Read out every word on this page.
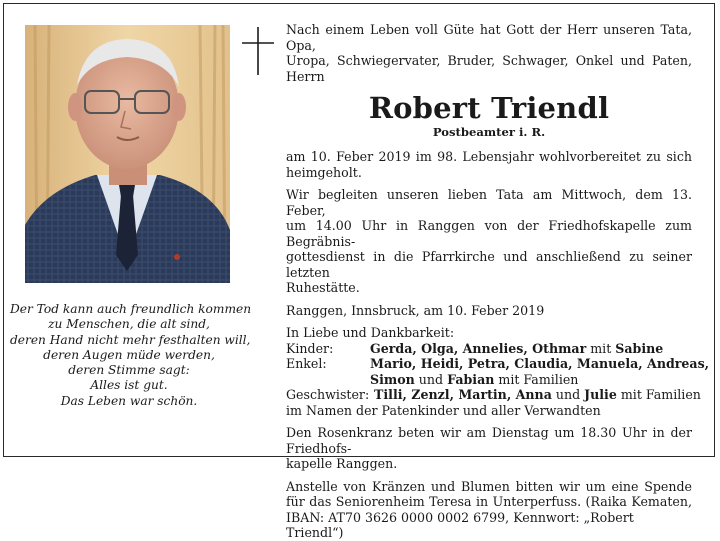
Der Tod kann auch freundlich kommen
zu Menschen, die alt sind,
deren Hand nicht mehr festhalten will,
deren Augen müde werden,
deren Stimme sagt:
Alles ist gut.
Das Leben war schön.
Nach einem Leben voll Güte hat Gott der Herr unseren Tata, Opa,
Uropa, Schwiegervater, Bruder, Schwager, Onkel und Paten, Herrn
Robert Triendl
Postbeamter i. R.
am 10. Feber 2019 im 98. Lebensjahr wohlvorbereitet zu sich
heimgeholt.
Wir begleiten unseren lieben Tata am Mittwoch, dem 13. Feber,
um 14.00 Uhr in Ranggen von der Friedhofskapelle zum Begräbnis-
gottesdienst in die Pfarrkirche und anschließend zu seiner letzten
Ruhestätte.
Ranggen, Innsbruck, am 10. Feber 2019
In Liebe und Dankbarkeit:
Kinder:	Gerda, Olga, Annelies, Othmar mit Sabine
Enkel:	Mario, Heidi, Petra, Claudia, Manuela, Andreas,
Simon und Fabian mit Familien
Geschwister: Tilli, Zenzl, Martin, Anna und Julie mit Familien
im Namen der Patenkinder und aller Verwandten
Den Rosenkranz beten wir am Dienstag um 18.30 Uhr in der Friedhofs-
kapelle Ranggen.
Anstelle von Kränzen und Blumen bitten wir um eine Spende
für das Seniorenheim Teresa in Unterperfuss. (Raika Kematen,
IBAN: AT70 3626 0000 0002 6799, Kennwort: „Robert Triendl“)
